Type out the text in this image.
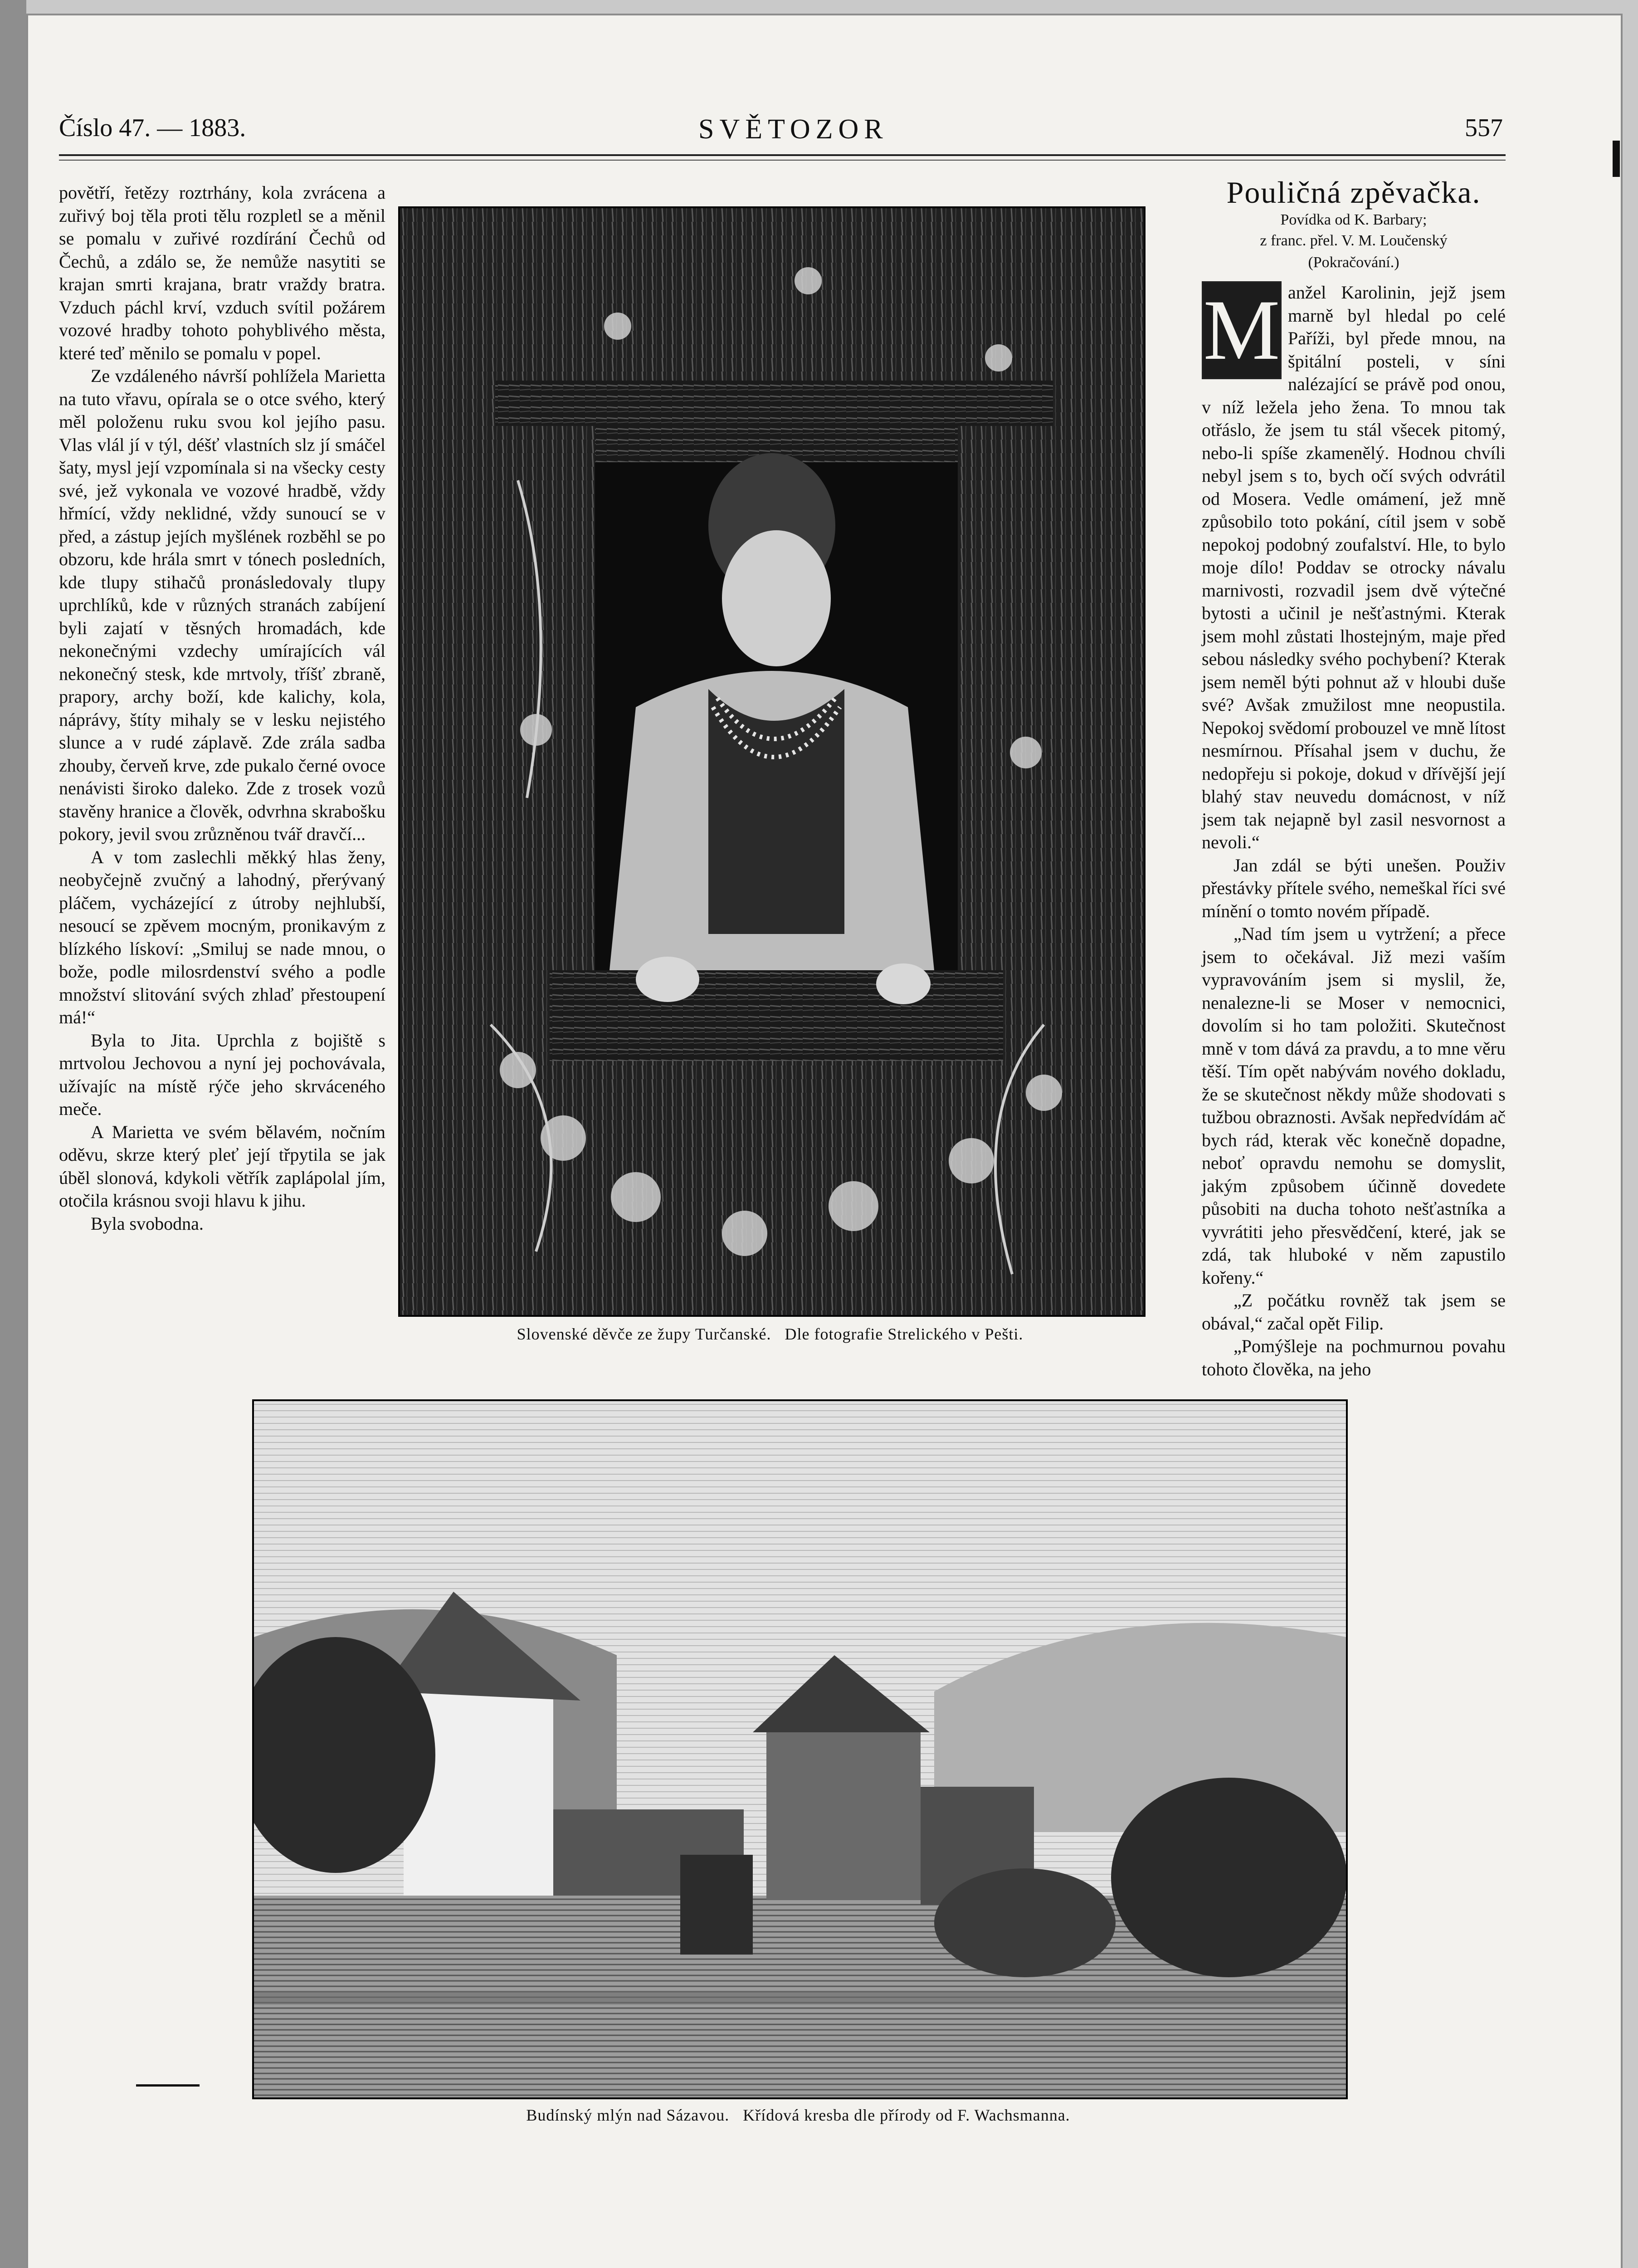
Číslo 47. — 1883.	SVĚTOZOR	557

povětří, řetězy roztrhány, kola zvrácena a zuřivý boj těla proti tělu rozpletl se a měnil se pomalu v zuřivé rozdírání Čechů od Čechů, a zdálo se, že nemůže nasytiti se krajan smrti krajana, bratr vraždy bratra. Vzduch páchl krví, vzduch svítil požárem vozové hradby tohoto pohyblivého města, které teď měnilo se pomalu v popel.

Ze vzdáleného návrší pohlížela Marietta na tuto vřavu, opírala se o otce svého, který měl položenu ruku svou kol jejího pasu. Vlas vlál jí v týl, déšť vlastních slz jí smáčel šaty, mysl její vzpomínala si na všecky cesty své, jež vykonala ve vozové hradbě, vždy hřmící, vždy neklidné, vždy sunoucí se v před, a zástup jejích myšlének rozběhl se po obzoru, kde hrála smrt v tónech posledních, kde tlupy stihačů pronásledovaly tlupy uprchlíků, kde v různých stranách zabíjení byli zajatí v těsných hromadách, kde nekonečnými vzdechy umírajících vál nekonečný stesk, kde mrtvoly, tříšť zbraně, prapory, archy boží, kde kalichy, kola, náprávy, štíty mihaly se v lesku nejistého slunce a v rudé záplavě. Zde zrála sadba zhouby, červeň krve, zde pukalo černé ovoce nenávisti široko daleko. Zde z trosek vozů stavěny hranice a člověk, odvrhna skrabošku pokory, jevil svou zrůzněnou tvář dravčí...

A v tom zaslechli měkký hlas ženy, neobyčejně zvučný a lahodný, přerývaný pláčem, vycházející z útroby nejhlubší, nesoucí se zpěvem mocným, pronikavým z blízkého lískoví: „Smiluj se nade mnou, o bože, podle milosrdenství svého a podle množství slitování svých zhlaď přestoupení má!“

Byla to Jita. Uprchla z bojiště s mrtvolou Jechovou a nyní jej pochovávala, užívajíc na místě rýče jeho skrváceného meče.

A Marietta ve svém bělavém, nočním oděvu, skrze který pleť její třpytila se jak úběl slonová, kdykoli větřík zaplápolal jím, otočila krásnou svoji hlavu k jihu.

Byla svobodna.

Slovenské děvče ze župy Turčanské. Dle fotografie Strelického v Pešti.
Budínský mlýn nad Sázavou. Křídová kresba dle přírody od F. Wachsmanna.
Pouličná zpěvačka.
Povídka od K. Barbary;
z franc. přel. V. M. Loučenský
(Pokračování.)

M anžel Karolinin, jejž jsem marně byl hledal po celé Paříži, byl přede mnou, na špitální posteli, v síni nalézající se právě pod onou, v níž ležela jeho žena. To mnou tak otřáslo, že jsem tu stál všecek pitomý, nebo-li spíše zkamenělý. Hodnou chvíli nebyl jsem s to, bych očí svých odvrátil od Mosera. Vedle omámení, jež mně způsobilo toto pokání, cítil jsem v sobě nepokoj podobný zoufalství. Hle, to bylo moje dílo! Poddav se otrocky návalu marnivosti, rozvadil jsem dvě výtečné bytosti a učinil je nešťastnými. Kterak jsem mohl zůstati lhostejným, maje před sebou následky svého pochybení? Kterak jsem neměl býti pohnut až v hloubi duše své? Avšak zmužilost mne neopustila. Nepokoj svědomí probouzel ve mně lítost nesmírnou. Přísahal jsem v duchu, že nedopřeju si pokoje, dokud v dřívější její blahý stav neuvedu domácnost, v níž jsem tak nejapně byl zasil nesvornost a nevoli.“

Jan zdál se býti unešen. Použiv přestávky přítele svého, nemeškal říci své mínění o tomto novém případě.

„Nad tím jsem u vytržení; a přece jsem to očekával. Již mezi vaším vypravováním jsem si myslil, že, nenalezne-li se Moser v nemocnici, dovolím si ho tam položiti. Skutečnost mně v tom dává za pravdu, a to mne věru těší. Tím opět nabývám nového dokladu, že se skutečnost někdy může shodovati s tužbou obraznosti. Avšak nepředvídám ač bych rád, kterak věc konečně dopadne, neboť opravdu nemohu se domyslit, jakým způsobem účinně dovedete působiti na ducha tohoto nešťastníka a vyvrátiti jeho přesvědčení, které, jak se zdá, tak hluboké v něm zapustilo kořeny.“

„Z počátku rovněž tak jsem se obával,“ začal opět Filip.

„Pomýšleje na pochmurnou povahu tohoto člověka, na jeho
